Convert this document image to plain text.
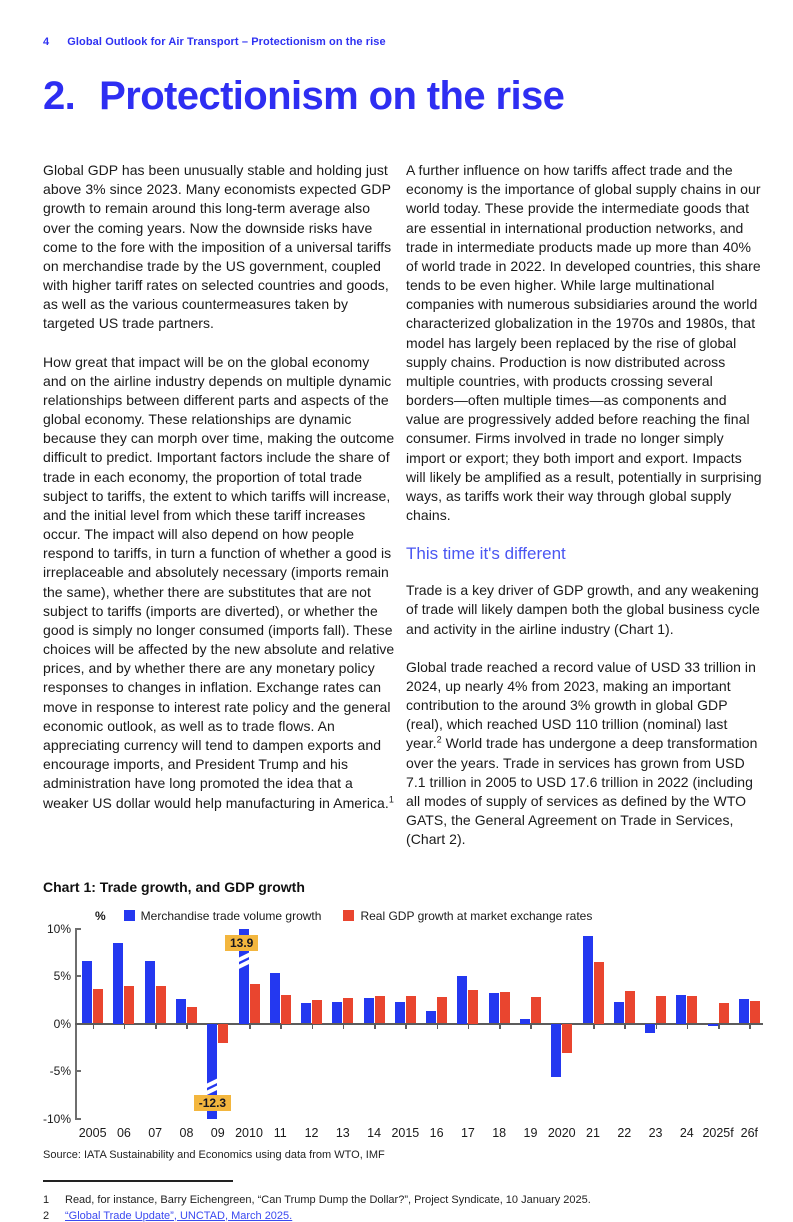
4 Global Outlook for Air Transport – Protectionism on the rise
2. Protectionism on the rise

Global GDP has been unusually stable and holding just above 3% since 2023. Many economists expected GDP growth to remain around this long-term average also over the coming years. Now the downside risks have come to the fore with the imposition of a universal tariffs on merchandise trade by the US government, coupled with higher tariff rates on selected countries and goods, as well as the various countermeasures taken by targeted US trade partners.

How great that impact will be on the global economy and on the airline industry depends on multiple dynamic relationships between different parts and aspects of the global economy. These relationships are dynamic because they can morph over time, making the outcome difficult to predict. Important factors include the share of trade in each economy, the proportion of total trade subject to tariffs, the extent to which tariffs will increase, and the initial level from which these tariff increases occur. The impact will also depend on how people respond to tariffs, in turn a function of whether a good is irreplaceable and absolutely necessary (imports remain the same), whether there are substitutes that are not subject to tariffs (imports are diverted), or whether the good is simply no longer consumed (imports fall). These choices will be affected by the new absolute and relative prices, and by whether there are any monetary policy responses to changes in inflation. Exchange rates can move in response to interest rate policy and the general economic outlook, as well as to trade flows. An appreciating currency will tend to dampen exports and encourage imports, and President Trump and his administration have long promoted the idea that a weaker US dollar would help manufacturing in America.$^1$

A further influence on how tariffs affect trade and the economy is the importance of global supply chains in our world today. These provide the intermediate goods that are essential in international production networks, and trade in intermediate products made up more than 40% of world trade in 2022. In developed countries, this share tends to be even higher. While large multinational companies with numerous subsidiaries around the world characterized globalization in the 1970s and 1980s, that model has largely been replaced by the rise of global supply chains. Production is now distributed across multiple countries, with products crossing several borders—often multiple times—as components and value are progressively added before reaching the final consumer. Firms involved in trade no longer simply import or export; they both import and export. Impacts will likely be amplified as a result, potentially in surprising ways, as tariffs work their way through global supply chains.

This time it's different

Trade is a key driver of GDP growth, and any weakening of trade will likely dampen both the global business cycle and activity in the airline industry (Chart 1).

Global trade reached a record value of USD 33 trillion in 2024, up nearly 4% from 2023, making an important contribution to the around 3% growth in global GDP (real), which reached USD 110 trillion (nominal) last year.$^2$ World trade has undergone a deep transformation over the years. Trade in services has grown from USD 7.1 trillion in 2005 to USD 17.6 trillion in 2022 (including all modes of supply of services as defined by the WTO GATS, the General Agreement on Trade in Services, (Chart 2).

Chart 1: Trade growth, and GDP growth
%	Merchandise trade volume growth	Real GDP growth at market exchange rates
10%
5%
0%
-5%
-10%
2005 06	07	08	09 2010 11	12	13	14 2015 16	17	18	19 2020 21	22	23	24 2025f 26f
13.9
-12.3
Source: IATA Sustainability and Economics using data from WTO, IMF
1	Read, for instance, Barry Eichengreen, “Can Trump Dump the Dollar?”, Project Syndicate, 10 January 2025.
2	“Global Trade Update”, UNCTAD, March 2025.
